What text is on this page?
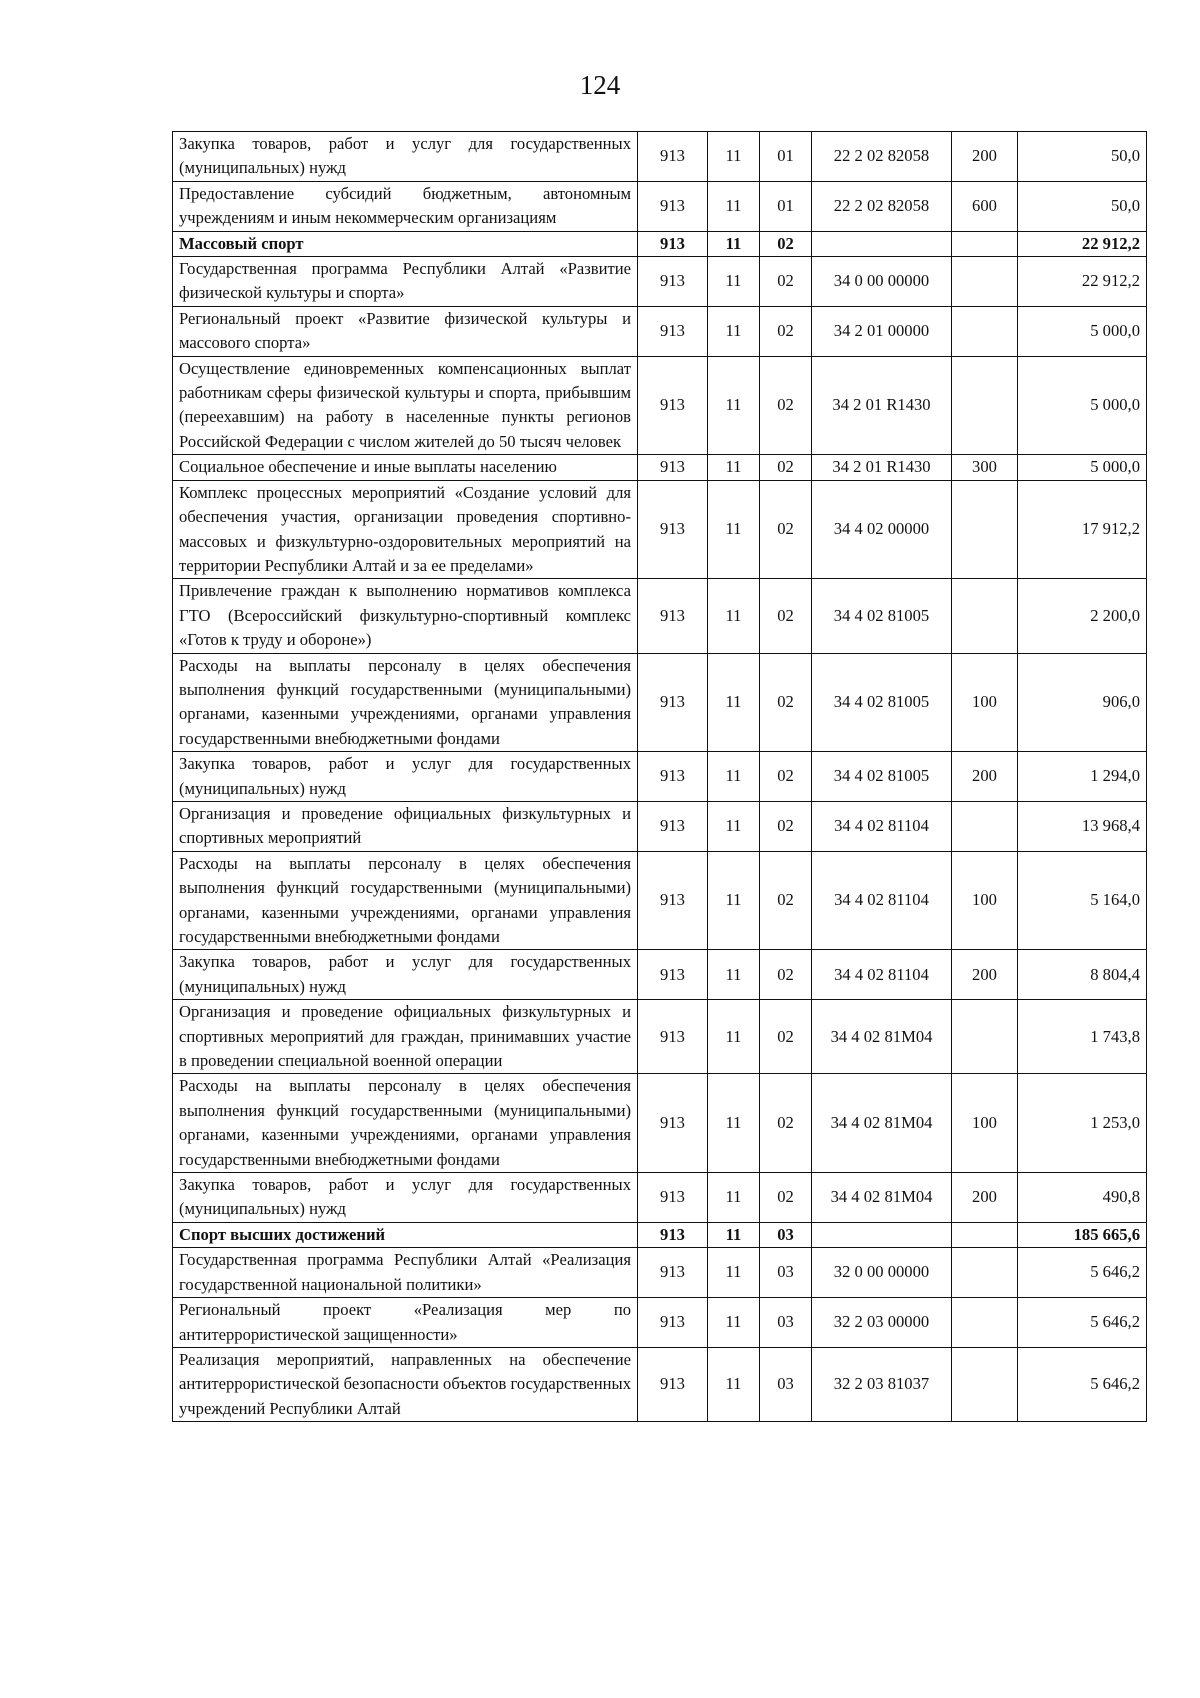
124
Закупка товаров, работ и услуг для государственных (муниципальных) нужд	913	11	01	22 2 02 82058	200	50,0
Предоставление субсидий бюджетным, автономным учреждениям и иным некоммерческим организациям	913	11	01	22 2 02 82058	600	50,0
Массовый спорт	913	11	02			22 912,2
Государственная программа Республики Алтай «Развитие физической культуры и спорта»	913	11	02	34 0 00 00000		22 912,2
Региональный проект «Развитие физической культуры и массового спорта»	913	11	02	34 2 01 00000		5 000,0
Осуществление единовременных компенсационных выплат работникам сферы физической культуры и спорта, прибывшим (переехавшим) на работу в населенные пункты регионов Российской Федерации с числом жителей до 50 тысяч человек	913	11	02	34 2 01 R1430		5 000,0
Социальное обеспечение и иные выплаты населению	913	11	02	34 2 01 R1430	300	5 000,0
Комплекс процессных мероприятий «Создание условий для обеспечения участия, организации проведения спортивно-массовых и физкультурно-оздоровительных мероприятий на территории Республики Алтай и за ее пределами»	913	11	02	34 4 02 00000		17 912,2
Привлечение граждан к выполнению нормативов комплекса ГТО (Всероссийский физкультурно-спортивный комплекс «Готов к труду и обороне»)	913	11	02	34 4 02 81005		2 200,0
Расходы на выплаты персоналу в целях обеспечения выполнения функций государственными (муниципальными) органами, казенными учреждениями, органами управления государственными внебюджетными фондами	913	11	02	34 4 02 81005	100	906,0
Закупка товаров, работ и услуг для государственных (муниципальных) нужд	913	11	02	34 4 02 81005	200	1 294,0
Организация и проведение официальных физкультурных и спортивных мероприятий	913	11	02	34 4 02 81104		13 968,4
Расходы на выплаты персоналу в целях обеспечения выполнения функций государственными (муниципальными) органами, казенными учреждениями, органами управления государственными внебюджетными фондами	913	11	02	34 4 02 81104	100	5 164,0
Закупка товаров, работ и услуг для государственных (муниципальных) нужд	913	11	02	34 4 02 81104	200	8 804,4
Организация и проведение официальных физкультурных и спортивных мероприятий для граждан, принимавших участие в проведении специальной военной операции	913	11	02	34 4 02 81М04		1 743,8
Расходы на выплаты персоналу в целях обеспечения выполнения функций государственными (муниципальными) органами, казенными учреждениями, органами управления государственными внебюджетными фондами	913	11	02	34 4 02 81М04	100	1 253,0
Закупка товаров, работ и услуг для государственных (муниципальных) нужд	913	11	02	34 4 02 81М04	200	490,8
Спорт высших достижений	913	11	03			185 665,6
Государственная программа Республики Алтай «Реализация государственной национальной политики»	913	11	03	32 0 00 00000		5 646,2
Региональный проект «Реализация мер по антитеррористической защищенности»	913	11	03	32 2 03 00000		5 646,2
Реализация мероприятий, направленных на обеспечение антитеррористической безопасности объектов государственных учреждений Республики Алтай	913	11	03	32 2 03 81037		5 646,2
